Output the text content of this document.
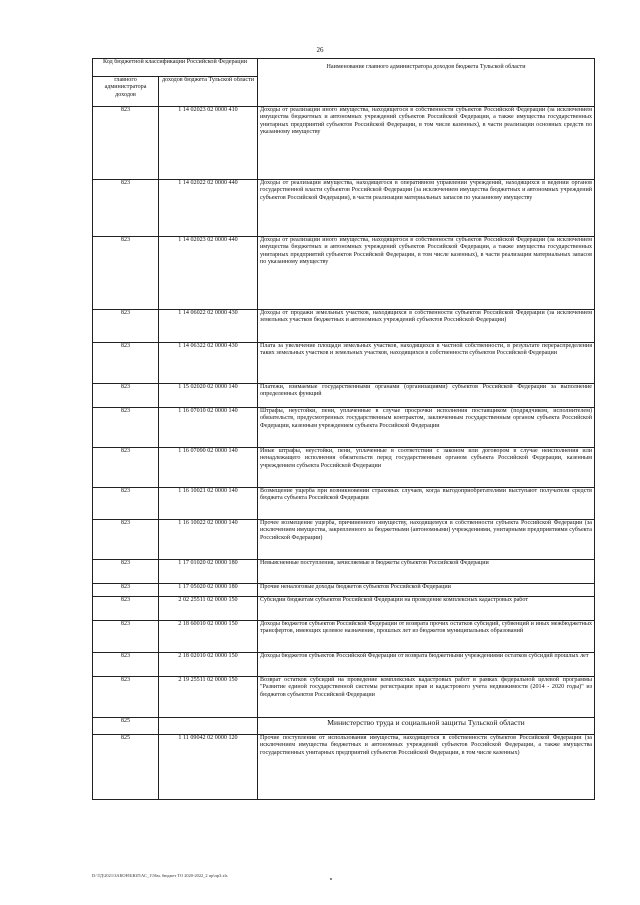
26
Код бюджетной классификации Российской Федерации		Наименование главного администратора доходов бюджета Тульской области
главного администратора доходов	доходов бюджета Тульской области	
823	1 14 02023 02 0000 410	Доходы от реализации иного имущества, находящегося в собственности субъектов Российской Федерации (за исключением имущества бюджетных и автономных учреждений субъектов Российской Федерации, а также имущества государственных унитарных предприятий субъектов Российской Федерации, в том числе казенных), в части реализации основных средств по указанному имуществу
823	1 14 02022 02 0000 440	Доходы от реализации имущества, находящегося в оперативном управлении учреждений, находящихся в ведении органов государственной власти субъектов Российской Федерации (за исключением имущества бюджетных и автономных учреждений субъектов Российской Федерации), в части реализации материальных запасов по указанному имуществу
823	1 14 02023 02 0000 440	Доходы от реализации иного имущества, находящегося в собственности субъектов Российской Федерации (за исключением имущества бюджетных и автономных учреждений субъектов Российской Федерации, а также имущества государственных унитарных предприятий субъектов Российской Федерации, в том числе казенных), в части реализации материальных запасов по указанному имуществу
823	1 14 06022 02 0000 430	Доходы от продажи земельных участков, находящихся в собственности субъектов Российской Федерации (за исключением земельных участков бюджетных и автономных учреждений субъектов Российской Федерации)
823	1 14 06322 02 0000 430	Плата за увеличение площади земельных участков, находящихся в частной собственности, в результате перераспределения таких земельных участков и земельных участков, находящихся в собственности субъектов Российской Федерации
823	1 15 02020 02 0000 140	Платежи, взимаемые государственными органами (организациями) субъектов Российской Федерации за выполнение определенных функций
823	1 16 07010 02 0000 140	Штрафы, неустойки, пени, уплаченные в случае просрочки исполнения поставщиком (подрядчиком, исполнителем) обязательств, предусмотренных государственным контрактом, заключенным государственным органом субъекта Российской Федерации, казенным учреждением субъекта Российской Федерации
823	1 16 07090 02 0000 140	Иные штрафы, неустойки, пени, уплаченные в соответствии с законом или договором в случае неисполнения или ненадлежащего исполнения обязательств перед государственным органом субъекта Российской Федерации, казенным учреждением субъекта Российской Федерации
823	1 16 10021 02 0000 140	Возмещение ущерба при возникновении страховых случаев, когда выгодоприобретателями выступают получатели средств бюджета субъекта Российской Федерации
823	1 16 10022 02 0000 140	Прочее возмещение ущерба, причиненного имуществу, находящемуся в собственности субъекта Российской Федерации (за исключением имущества, закрепленного за бюджетными (автономными) учреждениями, унитарными предприятиями субъекта Российской Федерации)
823	1 17 01020 02 0000 180	Невыясненные поступления, зачисляемые в бюджеты субъектов Российской Федерации
823	1 17 05020 02 0000 180	Прочие неналоговые доходы бюджетов субъектов Российской Федерации
823	2 02 25511 02 0000 150	Субсидии бюджетам субъектов Российской Федерации на проведение комплексных кадастровых работ
823	2 18 60010 02 0000 150	Доходы бюджетов субъектов Российской Федерации от возврата прочих остатков субсидий, субвенций и иных межбюджетных трансфертов, имеющих целевое назначение, прошлых лет из бюджетов муниципальных образований
823	2 18 02010 02 0000 150	Доходы бюджетов субъектов Российской Федерации от возврата бюджетными учреждениями остатков субсидий прошлых лет
823	2 19 25511 02 0000 150	Возврат остатков субсидий на проведение комплексных кадастровых работ в рамках федеральной целевой программы "Развитие единой государственной системы регистрации прав и кадастрового учета недвижимости (2014 - 2020 годы)" из бюджетов субъектов Российской Федерации
825		Министерство труда и социальной защиты Тульской области
825	1 11 09042 02 0000 120	Прочие поступления от использования имущества, находящегося в собственности субъектов Российской Федерации (за исключением имущества бюджетных и автономных учреждений субъектов Российской Федерации, а также имущества государственных унитарных предприятий субъектов Российской Федерации, в том числе казенных)
D:\ТД\2021\ЗАКОН\БЮЛ\АС_1\56м, бюджет ТО 2020-2022_2 пр\пр3.xls
